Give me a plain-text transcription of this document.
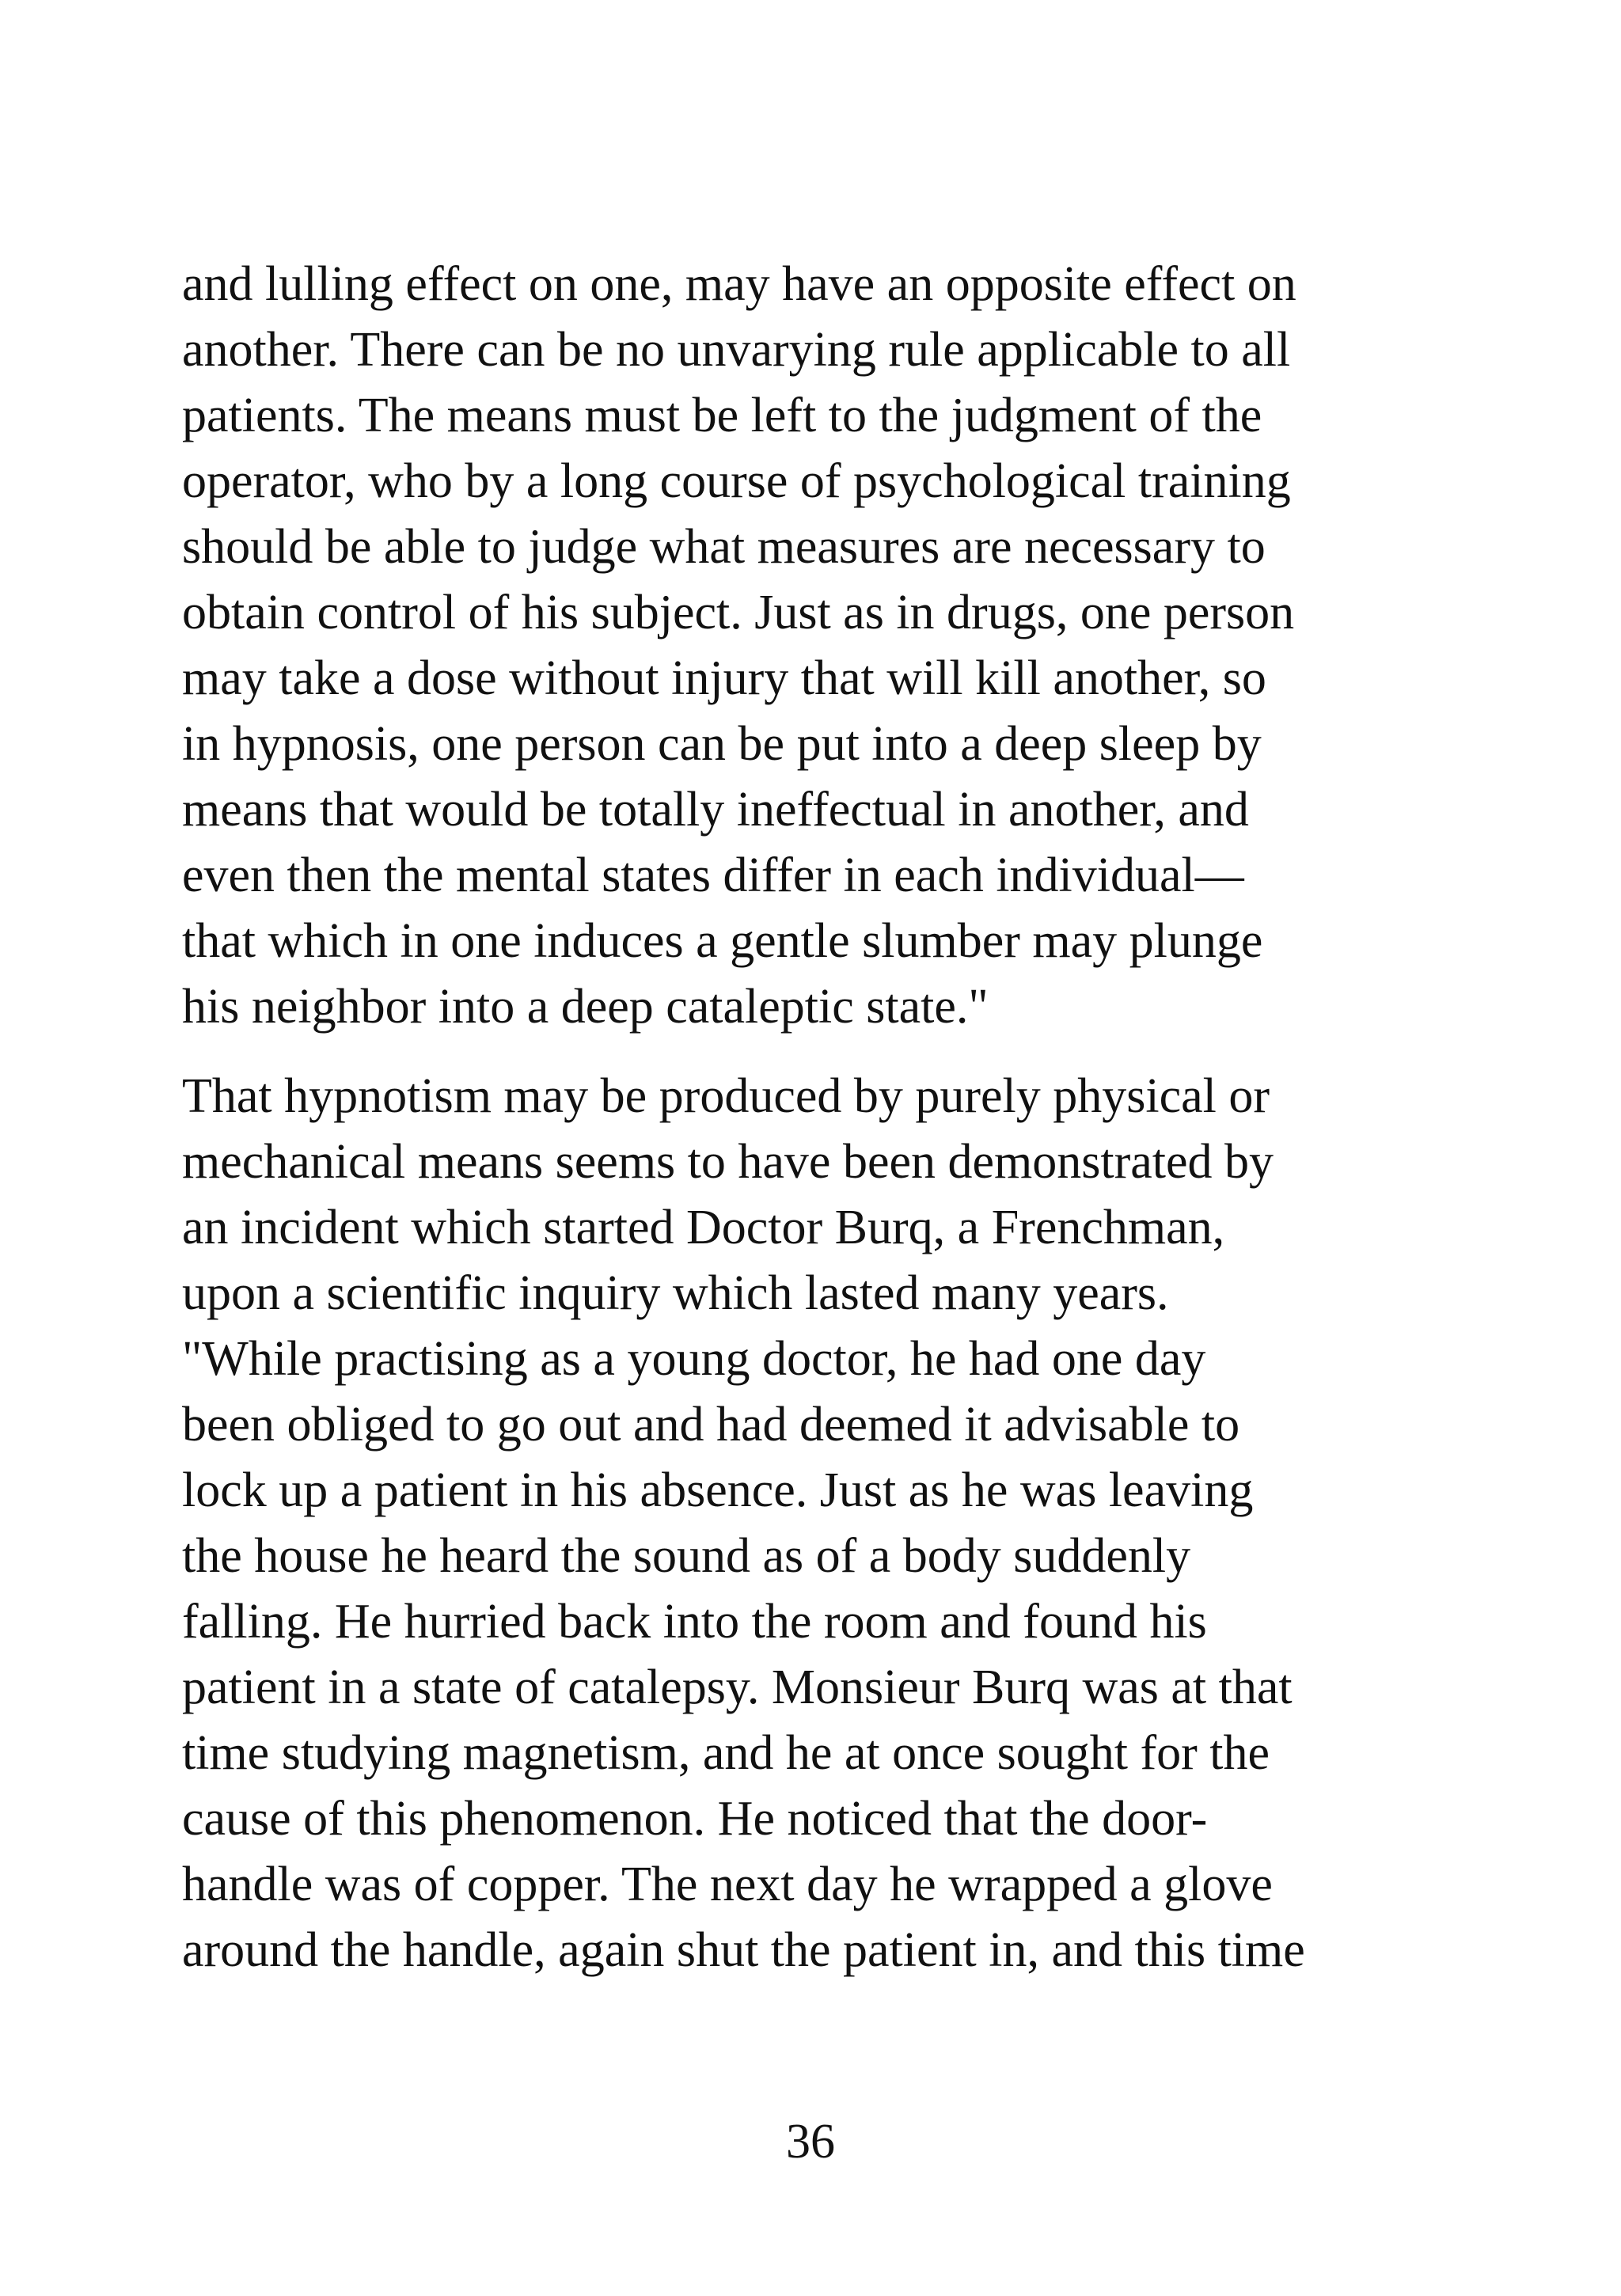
and lulling effect on one, may have an opposite effect on
another. There can be no unvarying rule applicable to all
patients. The means must be left to the judgment of the
operator, who by a long course of psychological training
should be able to judge what measures are necessary to
obtain control of his subject. Just as in drugs, one person
may take a dose without injury that will kill another, so
in hypnosis, one person can be put into a deep sleep by
means that would be totally ineffectual in another, and
even then the mental states differ in each individual—
that which in one induces a gentle slumber may plunge
his neighbor into a deep cataleptic state."
That hypnotism may be produced by purely physical or
mechanical means seems to have been demonstrated by
an incident which started Doctor Burq, a Frenchman,
upon a scientific inquiry which lasted many years.
"While practising as a young doctor, he had one day
been obliged to go out and had deemed it advisable to
lock up a patient in his absence. Just as he was leaving
the house he heard the sound as of a body suddenly
falling. He hurried back into the room and found his
patient in a state of catalepsy. Monsieur Burq was at that
time studying magnetism, and he at once sought for the
cause of this phenomenon. He noticed that the door-
handle was of copper. The next day he wrapped a glove
around the handle, again shut the patient in, and this time
36
